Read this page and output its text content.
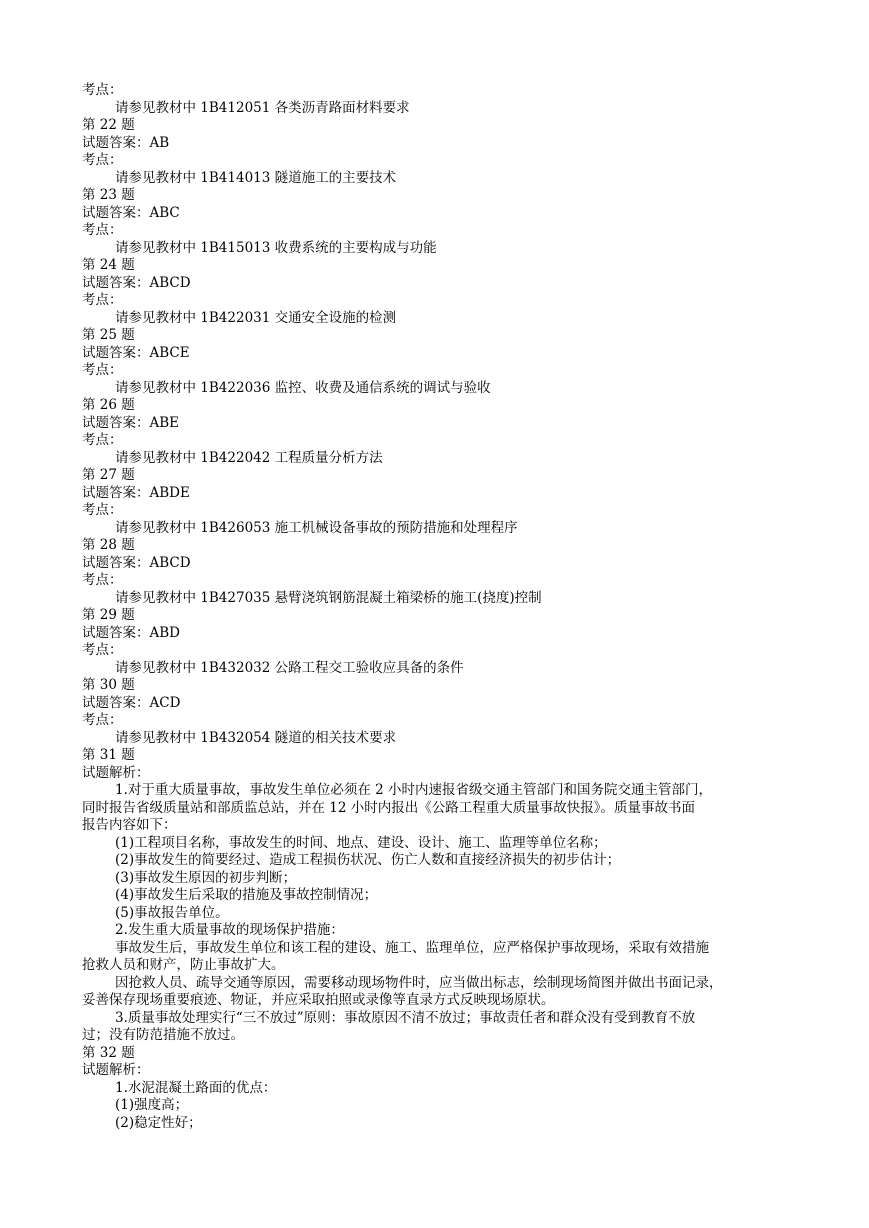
考点：
请参见教材中 1B412051 各类沥青路面材料要求
第 22 题
试题答案：AB
考点：
请参见教材中 1B414013 隧道施工的主要技术
第 23 题
试题答案：ABC
考点：
请参见教材中 1B415013 收费系统的主要构成与功能
第 24 题
试题答案：ABCD
考点：
请参见教材中 1B422031 交通安全设施的检测
第 25 题
试题答案：ABCE
考点：
请参见教材中 1B422036 监控、收费及通信系统的调试与验收
第 26 题
试题答案：ABE
考点：
请参见教材中 1B422042 工程质量分析方法
第 27 题
试题答案：ABDE
考点：
请参见教材中 1B426053 施工机械设备事故的预防措施和处理程序
第 28 题
试题答案：ABCD
考点：
请参见教材中 1B427035 悬臂浇筑钢筋混凝土箱梁桥的施工(挠度)控制
第 29 题
试题答案：ABD
考点：
请参见教材中 1B432032 公路工程交工验收应具备的条件
第 30 题
试题答案：ACD
考点：
请参见教材中 1B432054 隧道的相关技术要求
第 31 题
试题解析：
1.对于重大质量事故，事故发生单位必须在 2 小时内速报省级交通主管部门和国务院交通主管部门，
同时报告省级质量站和部质监总站，并在 12 小时内报出《公路工程重大质量事故快报》。质量事故书面
报告内容如下：
(1)工程项目名称，事故发生的时间、地点、建设、设计、施工、监理等单位名称；
(2)事故发生的简要经过、造成工程损伤状况、伤亡人数和直接经济损失的初步估计；
(3)事故发生原因的初步判断；
(4)事故发生后采取的措施及事故控制情况；
(5)事故报告单位。
2.发生重大质量事故的现场保护措施：
事故发生后，事故发生单位和该工程的建设、施工、监理单位，应严格保护事故现场，采取有效措施
抢救人员和财产，防止事故扩大。
因抢救人员、疏导交通等原因，需要移动现场物件时，应当做出标志，绘制现场简图并做出书面记录，
妥善保存现场重要痕迹、物证，并应采取拍照或录像等直录方式反映现场原状。
3.质量事故处理实行“三不放过”原则：事故原因不清不放过；事故责任者和群众没有受到教育不放
过；没有防范措施不放过。
第 32 题
试题解析：
1.水泥混凝土路面的优点：
(1)强度高；
(2)稳定性好；
